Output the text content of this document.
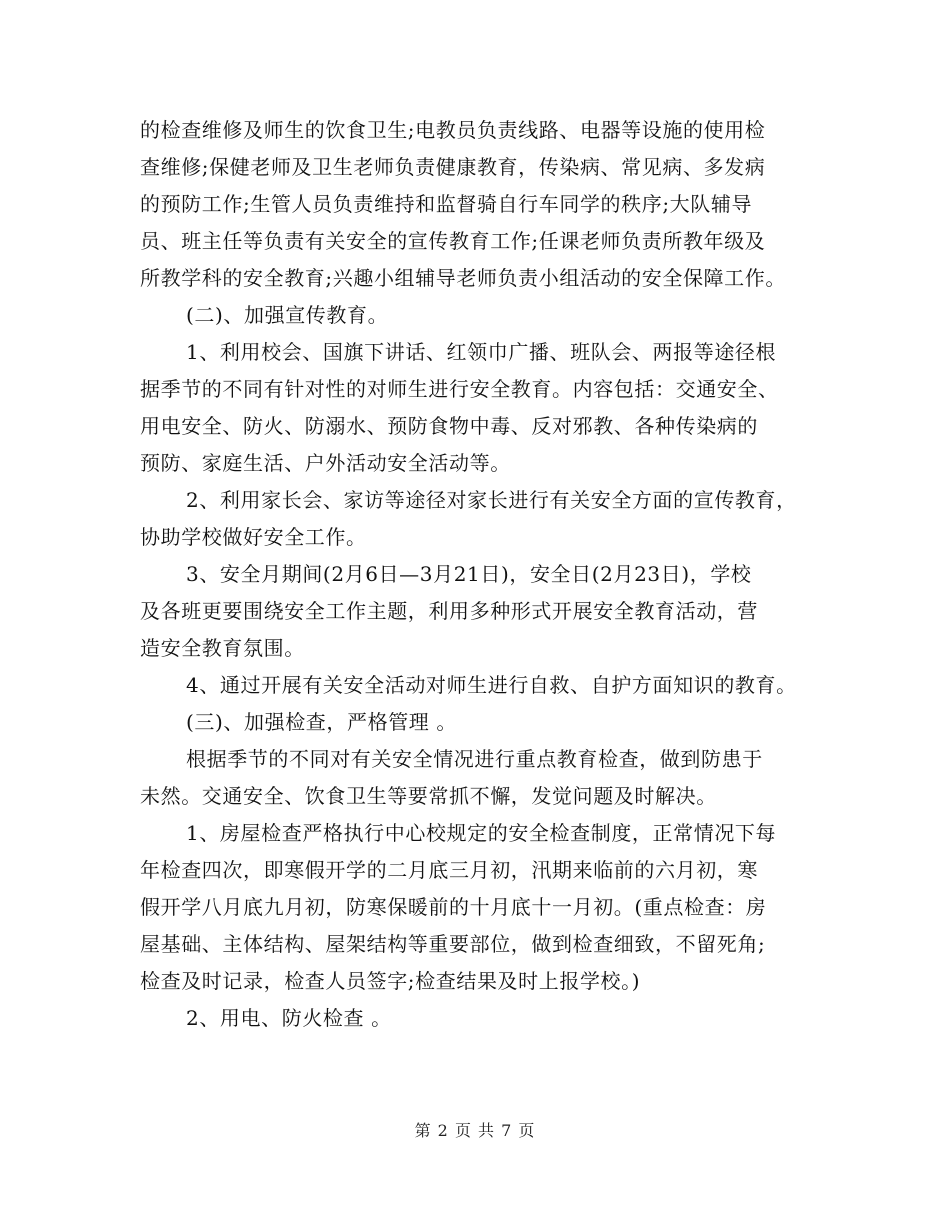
的检查维修及师生的饮食卫生;电教员负责线路、电器等设施的使用检
查维修;保健老师及卫生老师负责健康教育，传染病、常见病、多发病
的预防工作;生管人员负责维持和监督骑自行车同学的秩序;大队辅导
员、班主任等负责有关安全的宣传教育工作;任课老师负责所教年级及
所教学科的安全教育;兴趣小组辅导老师负责小组活动的安全保障工作。
(二)、加强宣传教育。
1、利用校会、国旗下讲话、红领巾广播、班队会、两报等途径根
据季节的不同有针对性的对师生进行安全教育。内容包括：交通安全、
用电安全、防火、防溺水、预防食物中毒、反对邪教、各种传染病的
预防、家庭生活、户外活动安全活动等。
2、利用家长会、家访等途径对家长进行有关安全方面的宣传教育，
协助学校做好安全工作。
3、安全月期间(2月6日—3月21日)，安全日(2月23日)，学校
及各班更要围绕安全工作主题，利用多种形式开展安全教育活动，营
造安全教育氛围。
4、通过开展有关安全活动对师生进行自救、自护方面知识的教育。
(三)、加强检查，严格管理 。
根据季节的不同对有关安全情况进行重点教育检查，做到防患于
未然。交通安全、饮食卫生等要常抓不懈，发觉问题及时解决。
1、房屋检查严格执行中心校规定的安全检查制度，正常情况下每
年检查四次，即寒假开学的二月底三月初，汛期来临前的六月初，寒
假开学八月底九月初，防寒保暖前的十月底十一月初。(重点检查：房
屋基础、主体结构、屋架结构等重要部位，做到检查细致，不留死角;
检查及时记录，检查人员签字;检查结果及时上报学校。)
2、用电、防火检查 。
第 2 页 共 7 页
